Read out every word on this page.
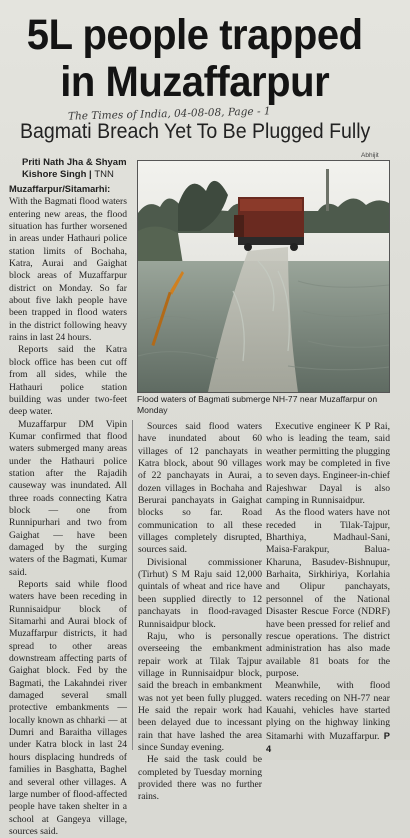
5L people trapped
in Muzaffarpur
The Times of India, 04-08-08, Page - 1
Bagmati Breach Yet To Be Plugged Fully
Priti Nath Jha & Shyam Kishore Singh | TNN
Abhijit
Flood waters of Bagmati submerge NH-77 near Muzaffarpur on Monday

Muzaffarpur/Sitamarhi: With the Bagmati flood waters entering new areas, the flood situation has further worsened in areas under Hathauri police station limits of Bochaha, Katra, Aurai and Gaighat block areas of Muzaffarpur district on Monday. So far about five lakh people have been trapped in flood waters in the district following heavy rains in last 24 hours.

Reports said the Katra block office has been cut off from all sides, while the Hathauri police station building was under two-feet deep water.

Muzaffarpur DM Vipin Kumar confirmed that flood waters submerged many areas under the Hathauri police station after the Rajadih causeway was inundated. All three roads connecting Katra block — one from Runnipurhari and two from Gaighat — have been damaged by the surging waters of the Bagmati, Kumar said.

Reports said while flood waters have been receding in Runnisaidpur block of Sitamarhi and Aurai block of Muzaffarpur districts, it had spread to other areas downstream affecting parts of Gaighat block. Fed by the Bagmati, the Lakahndei river damaged several small protective embankments — locally known as chharki — at Dumri and Baraitha villages under Katra block in last 24 hours displacing hundreds of families in Basghatta, Baghel and several other villages. A large number of flood-affected people have taken shelter in a school at Gangeya village, sources said.

Sources said flood waters have inundated about 60 villages of 12 panchayats in Katra block, about 90 villages of 22 panchayats in Aurai, a dozen villages in Bochaha and Berurai panchayats in Gaighat blocks so far. Road communication to all these villages completely disrupted, sources said.

Divisional commissioner (Tirhut) S M Raju said 12,000 quintals of wheat and rice have been supplied directly to 12 panchayats in flood-ravaged Runnisaidpur block.

Raju, who is personally overseeing the embankment repair work at Tilak Tajpur village in Runnisaidpur block, said the breach in embankment was not yet been fully plugged. He said the repair work had been delayed due to incessant rain that have lashed the area since Sunday evening.

He said the task could be completed by Tuesday morning provided there was no further rains.

Executive engineer K P Rai, who is leading the team, said weather permitting the plugging work may be completed in five to seven days. Engineer-in-chief Rajeshwar Dayal is also camping in Runnisaidpur.

As the flood waters have not receded in Tilak-Tajpur, Bharthiya, Madhaul-Sani, Maisa-Farakpur, Balua-Kharuna, Basudev-Bishnupur, Barhaita, Sirkhiriya, Korlahia and Olipur panchayats, personnel of the National Disaster Rescue Force (NDRF) have been pressed for relief and rescue operations. The district administration has also made available 81 boats for the purpose.

Meanwhile, with flood waters receding on NH-77 near Kauahi, vehicles have started plying on the highway linking Sitamarhi with Muzaffarpur. P 4
